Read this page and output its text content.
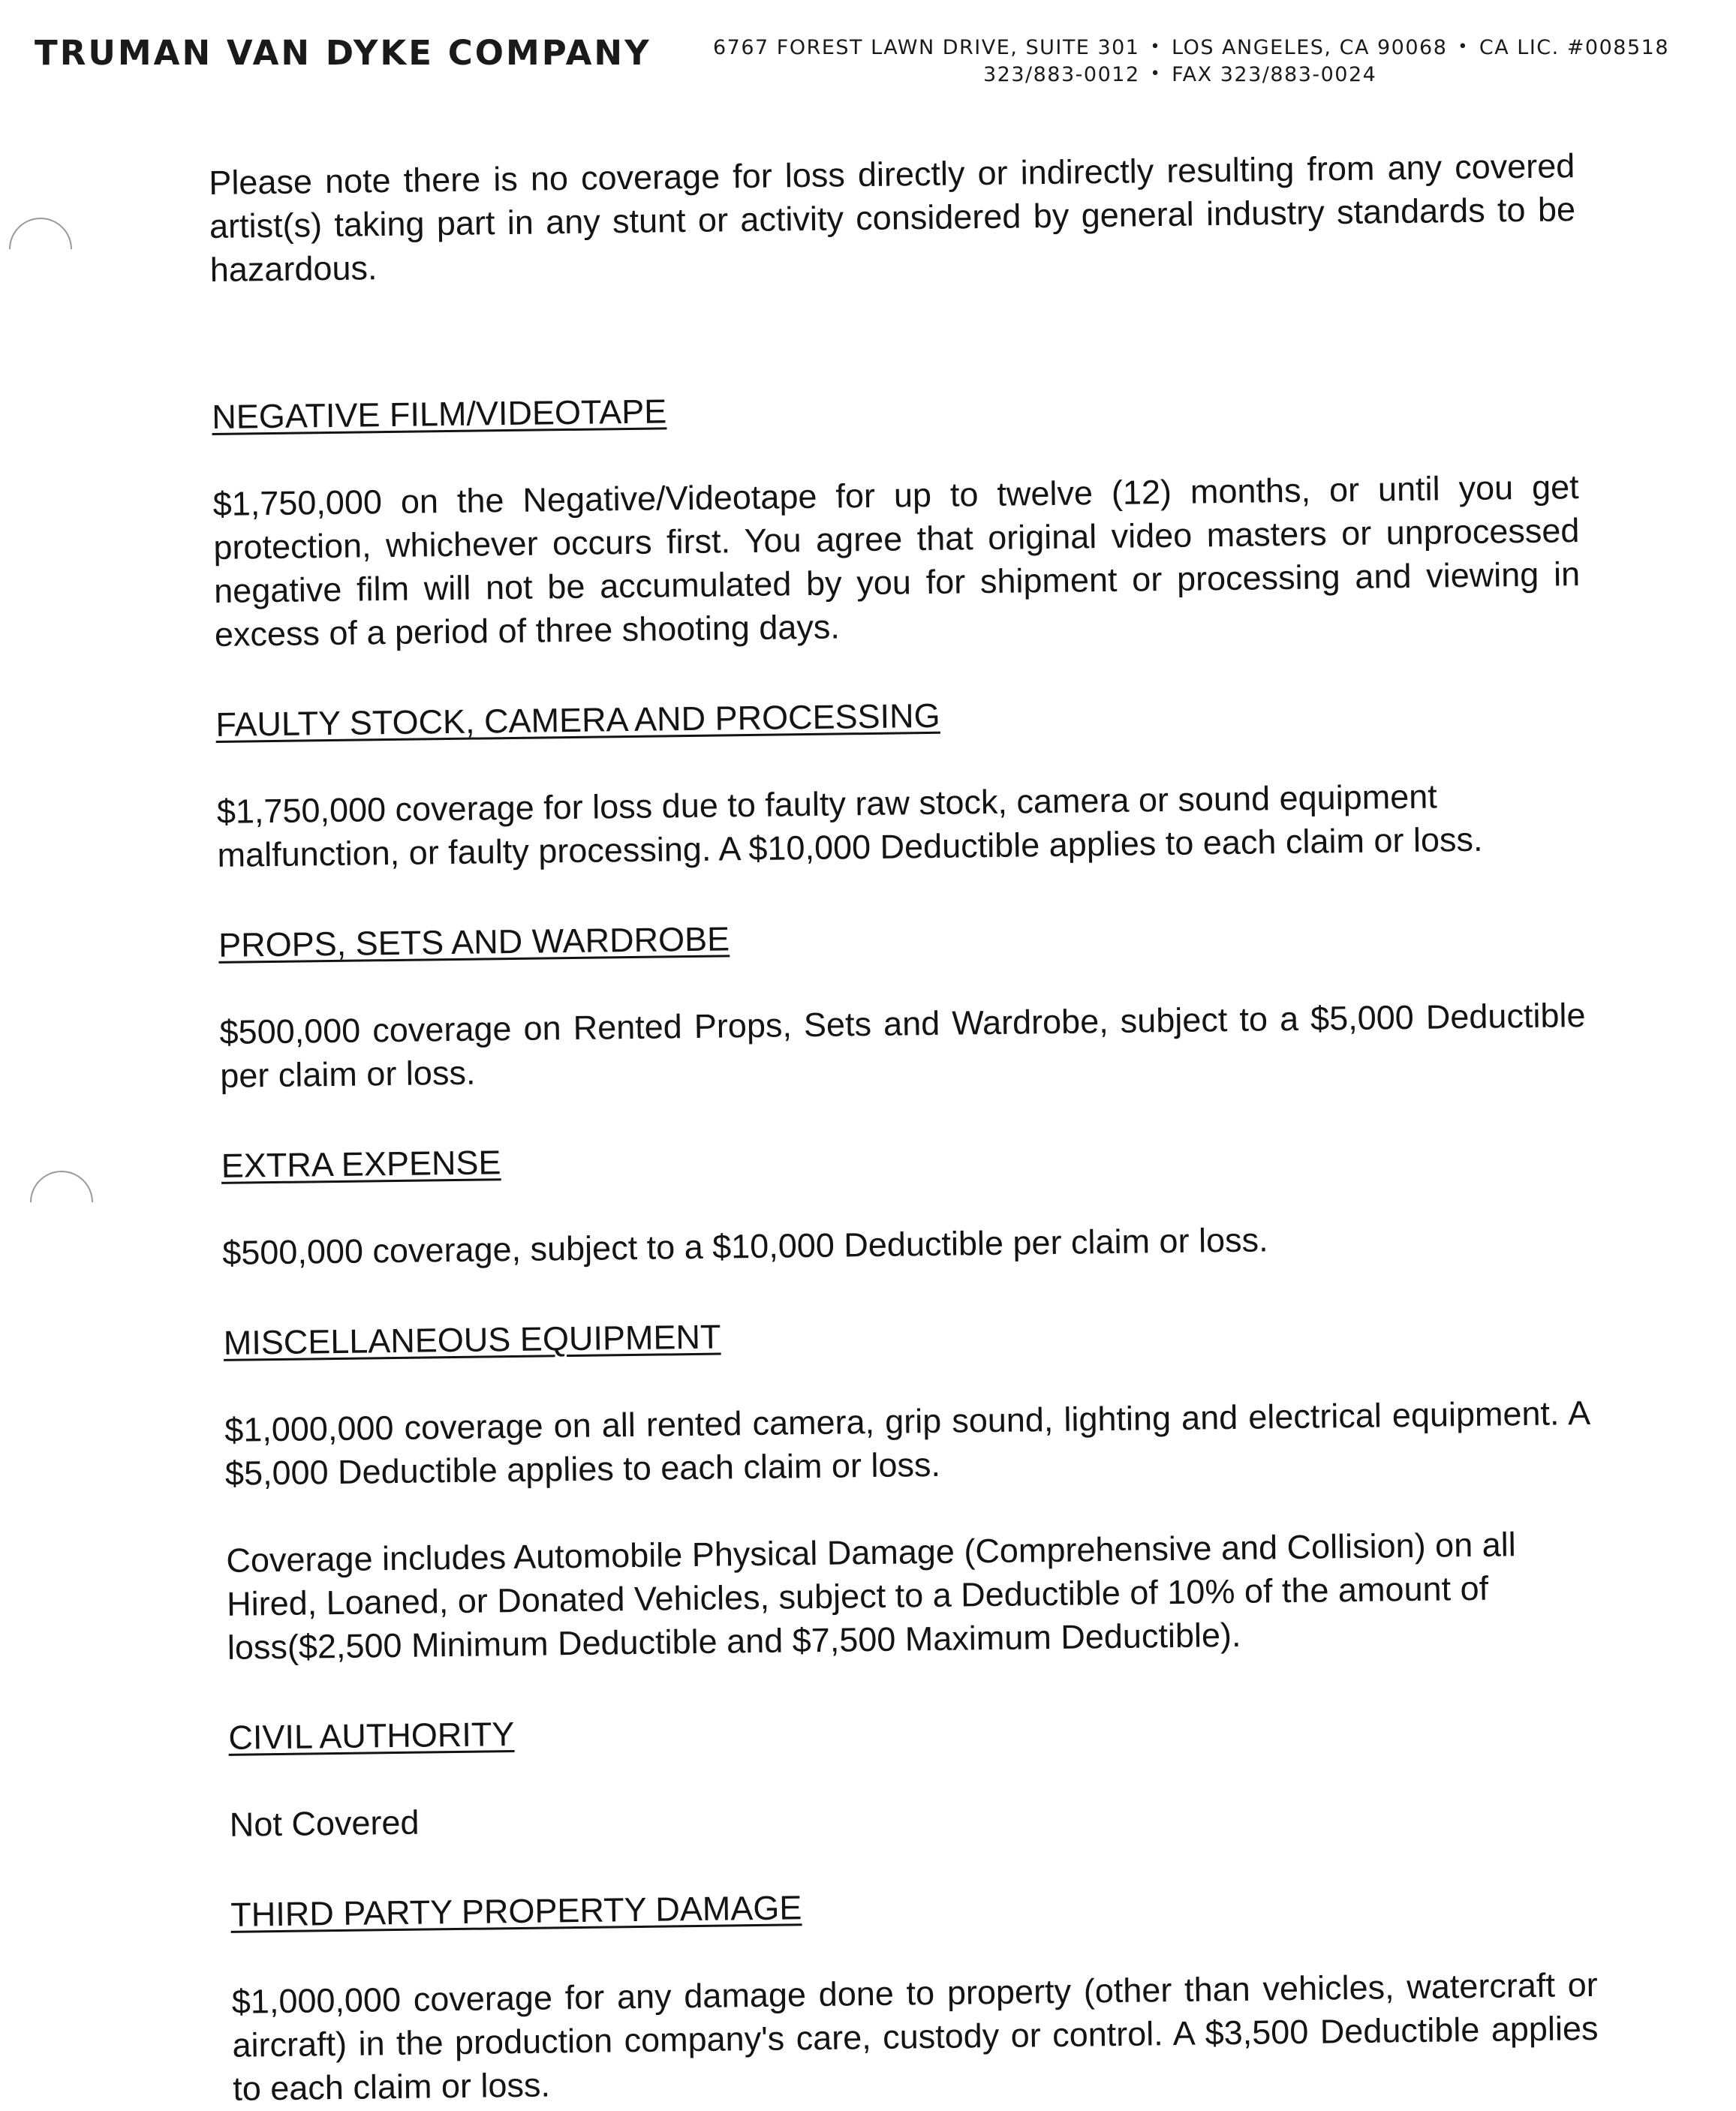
TRUMAN VAN DYKE COMPANY	6767 FOREST LAWN DRIVE, SUITE 301 • LOS ANGELES, CA 90068 • CA LIC. #008518
323/883-0012 • FAX 323/883-0024

Please note there is no coverage for loss directly or indirectly resulting from any covered artist(s) taking part in any stunt or activity considered by general industry standards to be hazardous.

NEGATIVE FILM/VIDEOTAPE

$1,750,000 on the Negative/Videotape for up to twelve (12) months, or until you get protection, whichever occurs first. You agree that original video masters or unprocessed negative film will not be accumulated by you for shipment or processing and viewing in excess of a period of three shooting days.

FAULTY STOCK, CAMERA AND PROCESSING

$1,750,000 coverage for loss due to faulty raw stock, camera or sound equipment malfunction, or faulty processing. A $10,000 Deductible applies to each claim or loss.

PROPS, SETS AND WARDROBE

$500,000 coverage on Rented Props, Sets and Wardrobe, subject to a $5,000 Deductible per claim or loss.

EXTRA EXPENSE

$500,000 coverage, subject to a $10,000 Deductible per claim or loss.

MISCELLANEOUS EQUIPMENT

$1,000,000 coverage on all rented camera, grip sound, lighting and electrical equipment. A $5,000 Deductible applies to each claim or loss.

Coverage includes Automobile Physical Damage (Comprehensive and Collision) on all Hired, Loaned, or Donated Vehicles, subject to a Deductible of 10% of the amount of loss($2,500 Minimum Deductible and $7,500 Maximum Deductible).

CIVIL AUTHORITY

Not Covered

THIRD PARTY PROPERTY DAMAGE

$1,000,000 coverage for any damage done to property (other than vehicles, watercraft or aircraft) in the production company's care, custody or control. A $3,500 Deductible applies to each claim or loss.
